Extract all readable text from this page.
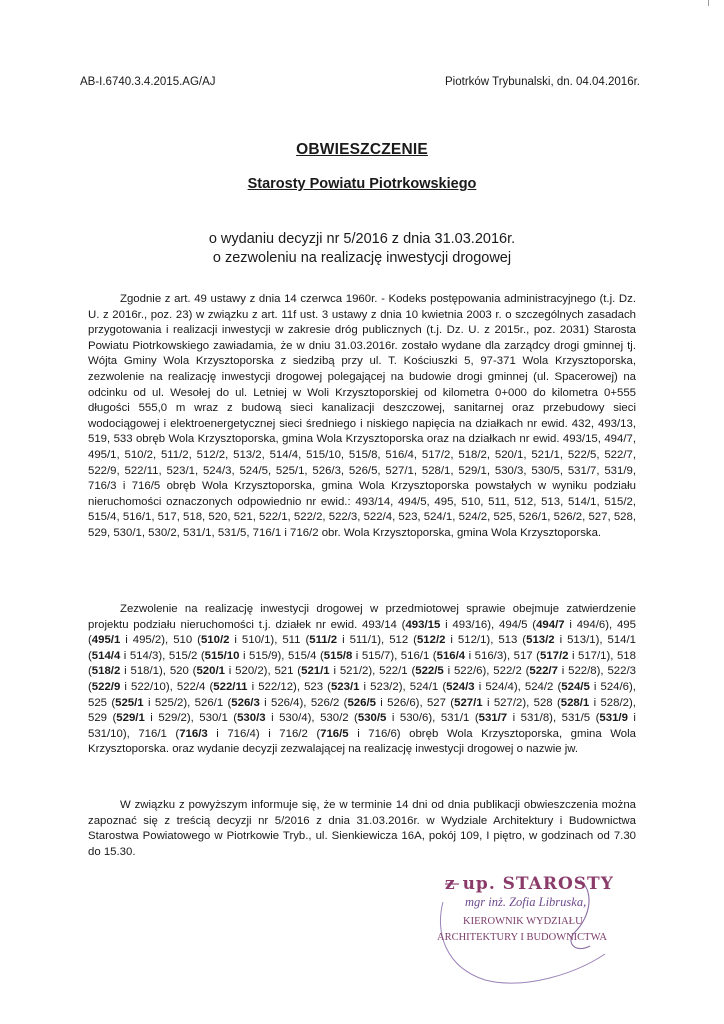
AB-I.6740.3.4.2015.AG/AJ	Piotrków Trybunalski, dn. 04.04.2016r.
OBWIESZCZENIE
Starosty Powiatu Piotrkowskiego
o wydaniu decyzji nr 5/2016 z dnia 31.03.2016r.
o zezwoleniu na realizację inwestycji drogowej

Zgodnie z art. 49 ustawy z dnia 14 czerwca 1960r. - Kodeks postępowania administracyjnego (t.j. Dz. U. z 2016r., poz. 23) w związku z art. 11f ust. 3 ustawy z dnia 10 kwietnia 2003 r. o szczególnych zasadach przygotowania i realizacji inwestycji w zakresie dróg publicznych (t.j. Dz. U. z 2015r., poz. 2031) Starosta Powiatu Piotrkowskiego zawiadamia, że w dniu 31.03.2016r. zostało wydane dla zarządcy drogi gminnej tj. Wójta Gminy Wola Krzysztoporska z siedzibą przy ul. T. Kościuszki 5, 97-371 Wola Krzysztoporska, zezwolenie na realizację inwestycji drogowej polegającej na budowie drogi gminnej (ul. Spacerowej) na odcinku od ul. Wesołej do ul. Letniej w Woli Krzysztoporskiej od kilometra 0+000 do kilometra 0+555 długości 555,0 m wraz z budową sieci kanalizacji deszczowej, sanitarnej oraz przebudowy sieci wodociągowej i elektroenergetycznej sieci średniego i niskiego napięcia na działkach nr ewid. 432, 493/13, 519, 533 obręb Wola Krzysztoporska, gmina Wola Krzysztoporska oraz na działkach nr ewid. 493/15, 494/7, 495/1, 510/2, 511/2, 512/2, 513/2, 514/4, 515/10, 515/8, 516/4, 517/2, 518/2, 520/1, 521/1, 522/5, 522/7, 522/9, 522/11, 523/1, 524/3, 524/5, 525/1, 526/3, 526/5, 527/1, 528/1, 529/1, 530/3, 530/5, 531/7, 531/9, 716/3 i 716/5 obręb Wola Krzysztoporska, gmina Wola Krzysztoporska powstałych w wyniku podziału nieruchomości oznaczonych odpowiednio nr ewid.: 493/14, 494/5, 495, 510, 511, 512, 513, 514/1, 515/2, 515/4, 516/1, 517, 518, 520, 521, 522/1, 522/2, 522/3, 522/4, 523, 524/1, 524/2, 525, 526/1, 526/2, 527, 528, 529, 530/1, 530/2, 531/1, 531/5, 716/1 i 716/2 obr. Wola Krzysztoporska, gmina Wola Krzysztoporska.

Zezwolenie na realizację inwestycji drogowej w przedmiotowej sprawie obejmuje zatwierdzenie projektu podziału nieruchomości t.j. działek nr ewid. 493/14 (493/15 i 493/16), 494/5 (494/7 i 494/6), 495 (495/1 i 495/2), 510 (510/2 i 510/1), 511 (511/2 i 511/1), 512 (512/2 i 512/1), 513 (513/2 i 513/1), 514/1 (514/4 i 514/3), 515/2 (515/10 i 515/9), 515/4 (515/8 i 515/7), 516/1 (516/4 i 516/3), 517 (517/2 i 517/1), 518 (518/2 i 518/1), 520 (520/1 i 520/2), 521 (521/1 i 521/2), 522/1 (522/5 i 522/6), 522/2 (522/7 i 522/8), 522/3 (522/9 i 522/10), 522/4 (522/11 i 522/12), 523 (523/1 i 523/2), 524/1 (524/3 i 524/4), 524/2 (524/5 i 524/6), 525 (525/1 i 525/2), 526/1 (526/3 i 526/4), 526/2 (526/5 i 526/6), 527 (527/1 i 527/2), 528 (528/1 i 528/2), 529 (529/1 i 529/2), 530/1 (530/3 i 530/4), 530/2 (530/5 i 530/6), 531/1 (531/7 i 531/8), 531/5 (531/9 i 531/10), 716/1 (716/3 i 716/4) i 716/2 (716/5 i 716/6) obręb Wola Krzysztoporska, gmina Wola Krzysztoporska. oraz wydanie decyzji zezwalającej na realizację inwestycji drogowej o nazwie jw.

W związku z powyższym informuje się, że w terminie 14 dni od dnia publikacji obwieszczenia można zapoznać się z treścią decyzji nr 5/2016 z dnia 31.03.2016r. w Wydziale Architektury i Budownictwa Starostwa Powiatowego w Piotrkowie Tryb., ul. Sienkiewicza 16A, pokój 109, I piętro, w godzinach od 7.30 do 15.30.

z up. STAROSTY
mgr inż. Zofia Libruska,
KIEROWNIK WYDZIAŁU
ARCHITEKTURY I BUDOWNICTWA
